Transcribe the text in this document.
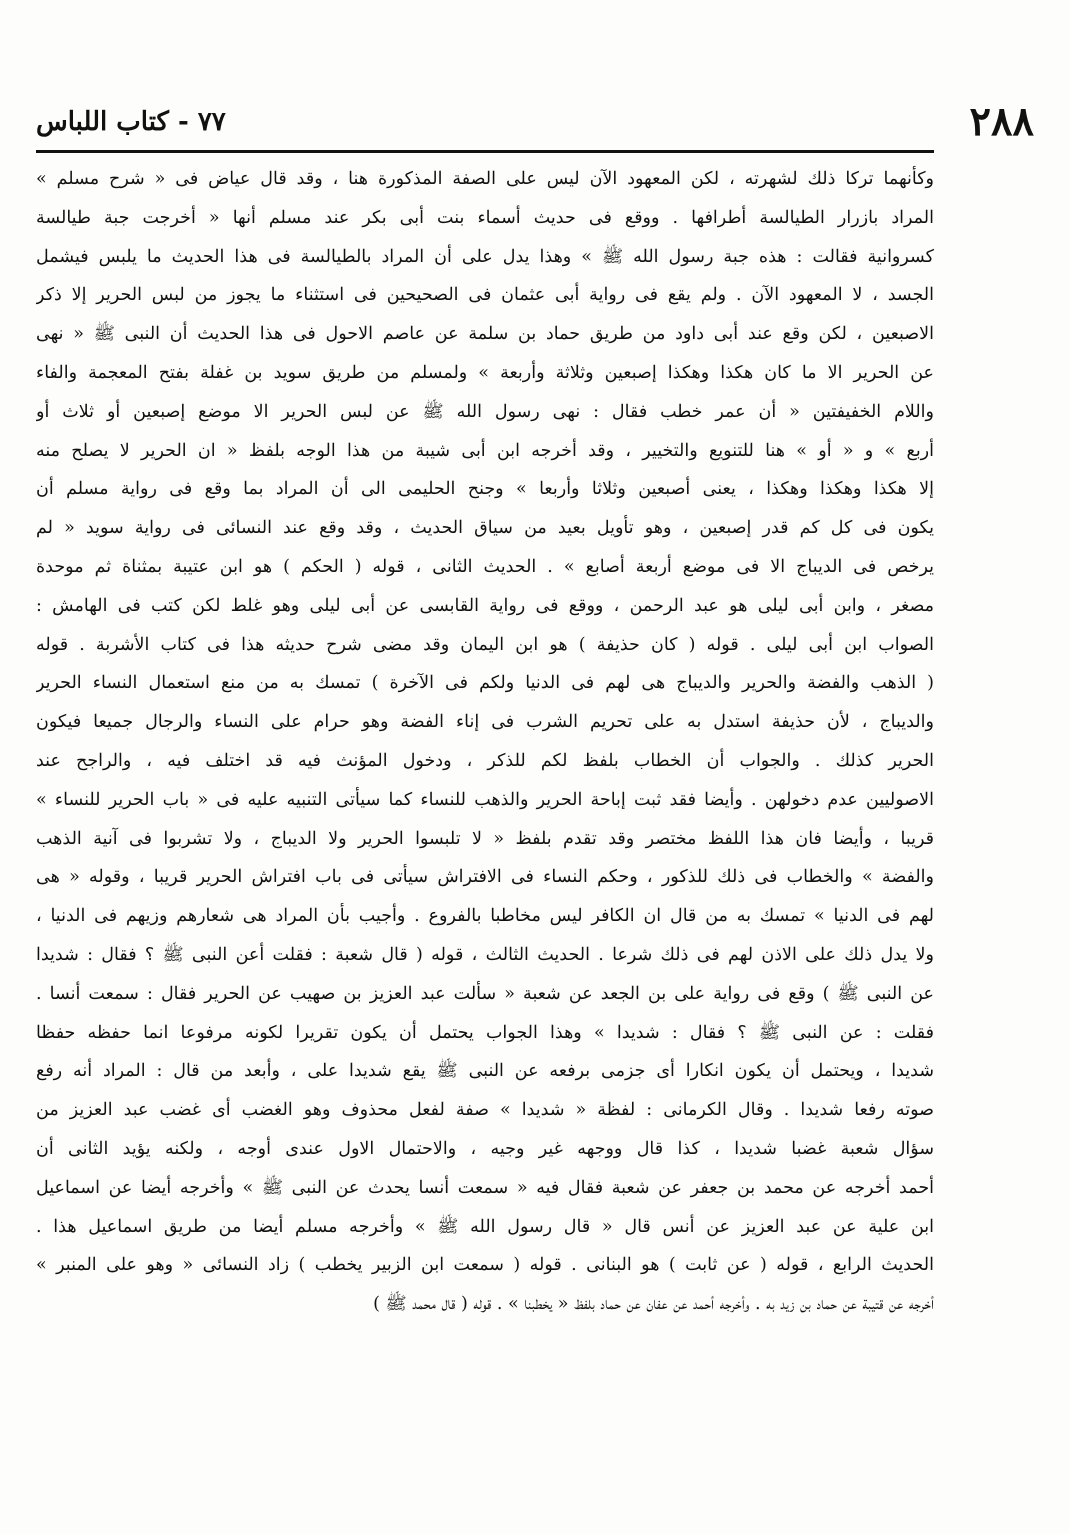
٢٨٨
٧٧ - كتاب اللباس
وكأنهما تركا ذلك لشهرته ، لكن المعهود الآن ليس على الصفة المذكورة هنا ، وقد قال عياض فى « شرح مسلم »
المراد بازرار الطيالسة أطرافها . ووقع فى حديث أسماء بنت أبى بكر عند مسلم أنها « أخرجت جبة طيالسة
كسروانية فقالت : هذه جبة رسول الله ﷺ » وهذا يدل على أن المراد بالطيالسة فى هذا الحديث ما يلبس فيشمل
الجسد ، لا المعهود الآن . ولم يقع فى رواية أبى عثمان فى الصحيحين فى استثناء ما يجوز من لبس الحرير إلا ذكر
الاصبعين ، لكن وقع عند أبى داود من طريق حماد بن سلمة عن عاصم الاحول فى هذا الحديث أن النبى ﷺ « نهى
عن الحرير الا ما كان هكذا وهكذا إصبعين وثلاثة وأربعة » ولمسلم من طريق سويد بن غفلة بفتح المعجمة والفاء
واللام الخفيفتين « أن عمر خطب فقال : نهى رسول الله ﷺ عن لبس الحرير الا موضع إصبعين أو ثلاث أو
أربع » و « أو » هنا للتنويع والتخيير ، وقد أخرجه ابن أبى شيبة من هذا الوجه بلفظ « ان الحرير لا يصلح منه
إلا هكذا وهكذا وهكذا ، يعنى أصبعين وثلاثا وأربعا » وجنح الحليمى الى أن المراد بما وقع فى رواية مسلم أن
يكون فى كل كم قدر إصبعين ، وهو تأويل بعيد من سياق الحديث ، وقد وقع عند النسائى فى رواية سويد « لم
يرخص فى الديباج الا فى موضع أربعة أصابع » . الحديث الثانى ، قوله ( الحكم ) هو ابن عتيبة بمثناة ثم موحدة
مصغر ، وابن أبى ليلى هو عبد الرحمن ، ووقع فى رواية القابسى عن أبى ليلى وهو غلط لكن كتب فى الهامش :
الصواب ابن أبى ليلى . قوله ( كان حذيفة ) هو ابن اليمان وقد مضى شرح حديثه هذا فى كتاب الأشربة . قوله
( الذهب والفضة والحرير والديباج هى لهم فى الدنيا ولكم فى الآخرة ) تمسك به من منع استعمال النساء الحرير
والديباج ، لأن حذيفة استدل به على تحريم الشرب فى إناء الفضة وهو حرام على النساء والرجال جميعا فيكون
الحرير كذلك . والجواب أن الخطاب بلفظ لكم للذكر ، ودخول المؤنث فيه قد اختلف فيه ، والراجح عند
الاصوليين عدم دخولهن . وأيضا فقد ثبت إباحة الحرير والذهب للنساء كما سيأتى التنبيه عليه فى « باب الحرير للنساء »
قريبا ، وأيضا فان هذا اللفظ مختصر وقد تقدم بلفظ « لا تلبسوا الحرير ولا الديباج ، ولا تشربوا فى آنية الذهب
والفضة » والخطاب فى ذلك للذكور ، وحكم النساء فى الافتراش سيأتى فى باب افتراش الحرير قريبا ، وقوله « هى
لهم فى الدنيا » تمسك به من قال ان الكافر ليس مخاطبا بالفروع . وأجيب بأن المراد هى شعارهم وزيهم فى الدنيا ،
ولا يدل ذلك على الاذن لهم فى ذلك شرعا . الحديث الثالث ، قوله ( قال شعبة : فقلت أعن النبى ﷺ ؟ فقال : شديدا
عن النبى ﷺ ) وقع فى رواية على بن الجعد عن شعبة « سألت عبد العزيز بن صهيب عن الحرير فقال : سمعت أنسا .
فقلت : عن النبى ﷺ ؟ فقال : شديدا » وهذا الجواب يحتمل أن يكون تقريرا لكونه مرفوعا انما حفظه حفظا
شديدا ، ويحتمل أن يكون انكارا أى جزمى برفعه عن النبى ﷺ يقع شديدا على ، وأبعد من قال : المراد أنه رفع
صوته رفعا شديدا . وقال الكرمانى : لفظة « شديدا » صفة لفعل محذوف وهو الغضب أى غضب عبد العزيز من
سؤال شعبة غضبا شديدا ، كذا قال ووجهه غير وجيه ، والاحتمال الاول عندى أوجه ، ولكنه يؤيد الثانى أن
أحمد أخرجه عن محمد بن جعفر عن شعبة فقال فيه « سمعت أنسا يحدث عن النبى ﷺ » وأخرجه أيضا عن اسماعيل
ابن علية عن عبد العزيز عن أنس قال « قال رسول الله ﷺ » وأخرجه مسلم أيضا من طريق اسماعيل هذا .
الحديث الرابع ، قوله ( عن ثابت ) هو البنانى . قوله ( سمعت ابن الزبير يخطب ) زاد النسائى « وهو على المنبر »
أخرجه عن قتيبة عن حماد بن زيد به . وأخرجه أحمد عن عفان عن حماد بلفظ « يخطبنا » . قوله ( قال محمد ﷺ )
